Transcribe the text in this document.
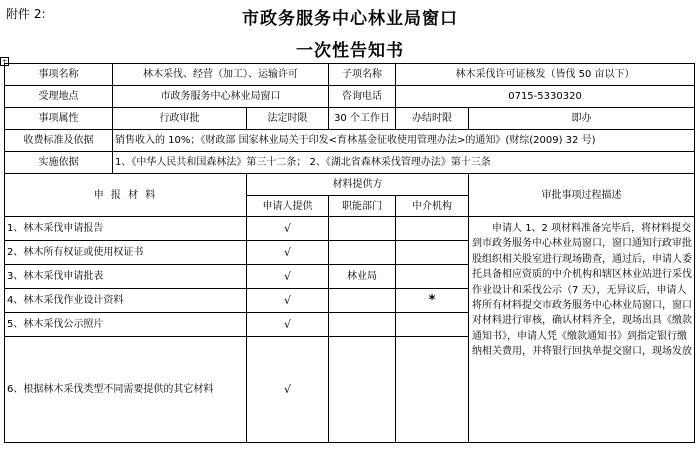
附件 2:	市政务服务中心林业局窗口
一次性告知书
+
事项名称	林木采伐、经营（加工）、运输许可		子项名称	林木采伐许可证核发（皆伐 50 亩以下）	
受理地点	市政务服务中心林业局窗口		咨询电话	0715-5330320	
事项属性	行政审批	法定时限	30 个工作日	办结时限	即办
收费标准及依据	销售收入的 10%；《财政部 国家林业局关于印发<育林基金征收使用管理办法>的通知》(财综(2009) 32 号)				
实施依据	1、《中华人民共和国森林法》第三十二条； 2、《湖北省森林采伐管理办法》第十三条				
申 报 材 料		材料提供方			审批事项过程描述
		申请人提供	职能部门	中介机构	
1、林木采伐申请报告		√			申请人 1、2 项材料准备完毕后，将材料提交到市政务服务中心林业局窗口，窗口通知行政审批股组织相关股室进行现场勘查，通过后，申请人委托具备相应资质的中介机构和辖区林业站进行采伐作业设计和采伐公示（7 天），无异议后，申请人将所有材料提交市政务服务中心林业局窗口，窗口对材料进行审核，确认材料齐全，现场出具《缴款通知书》，申请人凭《缴款通知书》到指定银行缴纳相关费用，并将银行回执单提交窗口，现场发放
2、林木所有权证或使用权证书		√			
3、林木采伐申请批表		√	林业局		
4、林木采伐作业设计资料		√		*	
5、林木采伐公示照片		√			
6、根据林木采伐类型不同需要提供的其它材料		√			
